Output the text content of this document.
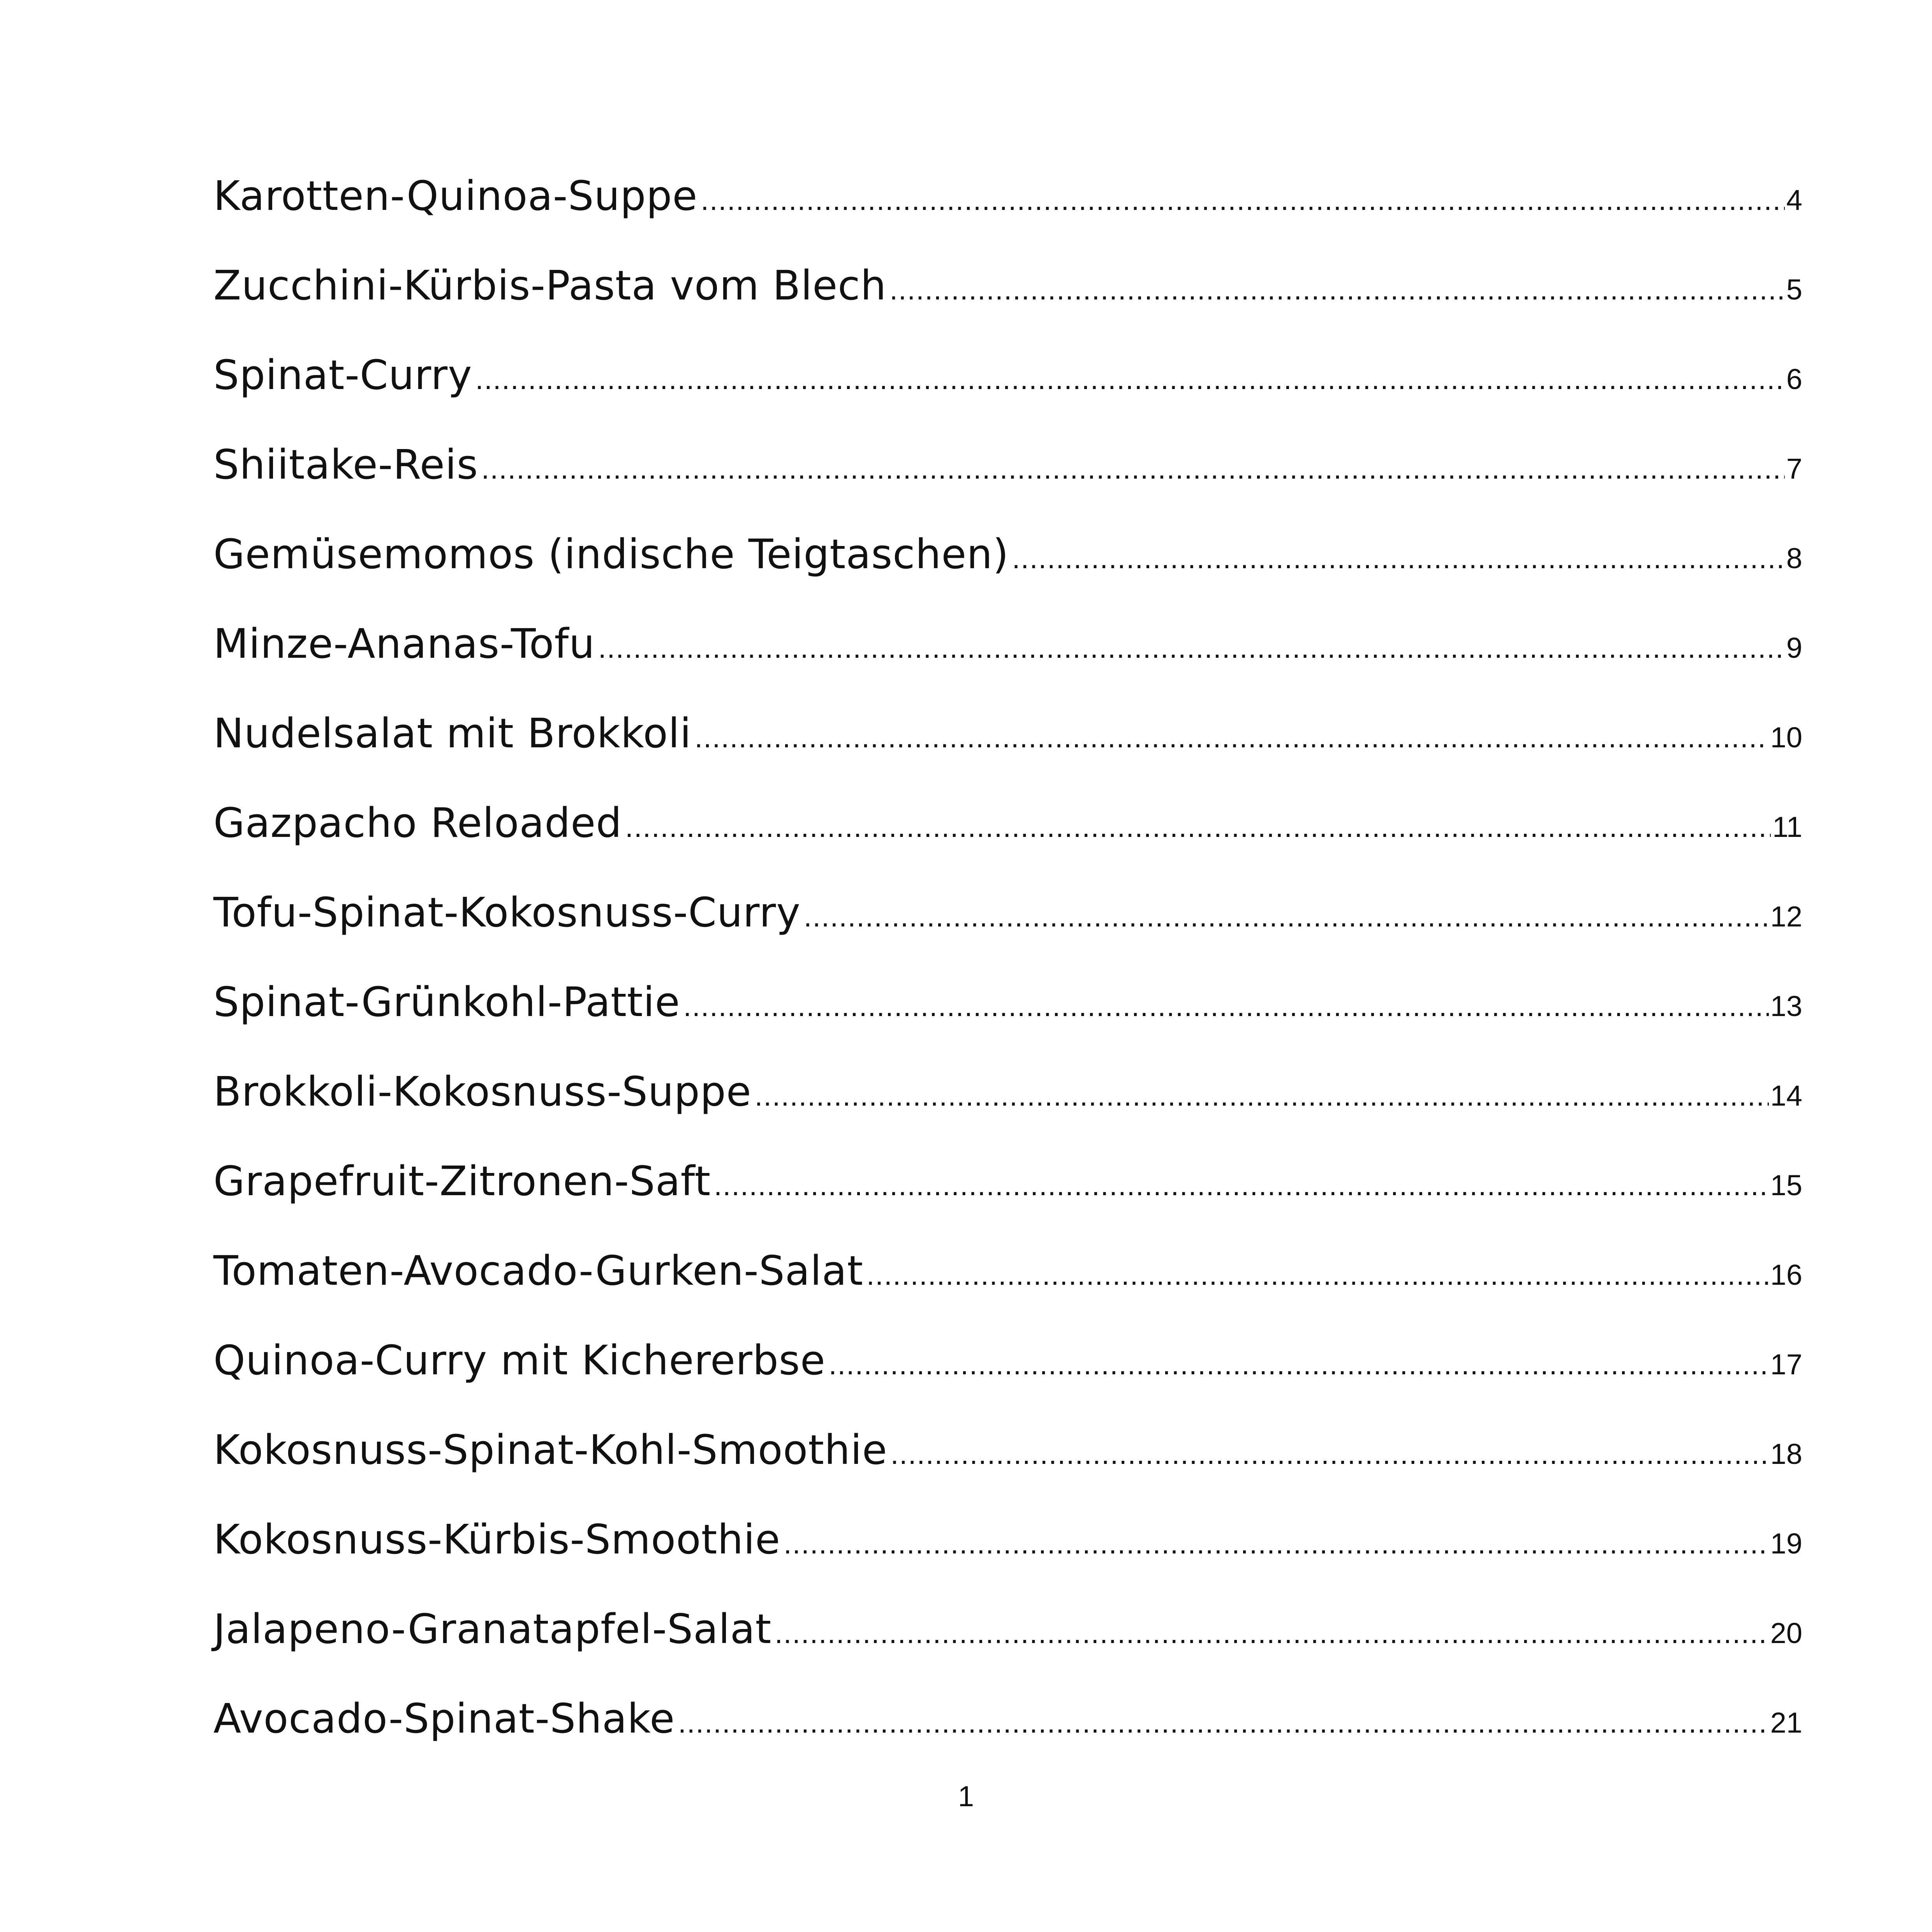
Karotten-Quinoa-Suppe .....	4
Zucchini-Kürbis-Pasta vom Blech .....	5
Spinat-Curry .....	6
Shiitake-Reis .....	7
Gemüsemomos (indische Teigtaschen) .....	8
Minze-Ananas-Tofu .....	9
Nudelsalat mit Brokkoli .....	10
Gazpacho Reloaded .....	11
Tofu-Spinat-Kokosnuss-Curry .....	12
Spinat-Grünkohl-Pattie .....	13
Brokkoli-Kokosnuss-Suppe .....	14
Grapefruit-Zitronen-Saft .....	15
Tomaten-Avocado-Gurken-Salat .....	16
Quinoa-Curry mit Kichererbse .....	17
Kokosnuss-Spinat-Kohl-Smoothie .....	18
Kokosnuss-Kürbis-Smoothie .....	19
Jalapeno-Granatapfel-Salat .....	20
Avocado-Spinat-Shake .....	21
1
